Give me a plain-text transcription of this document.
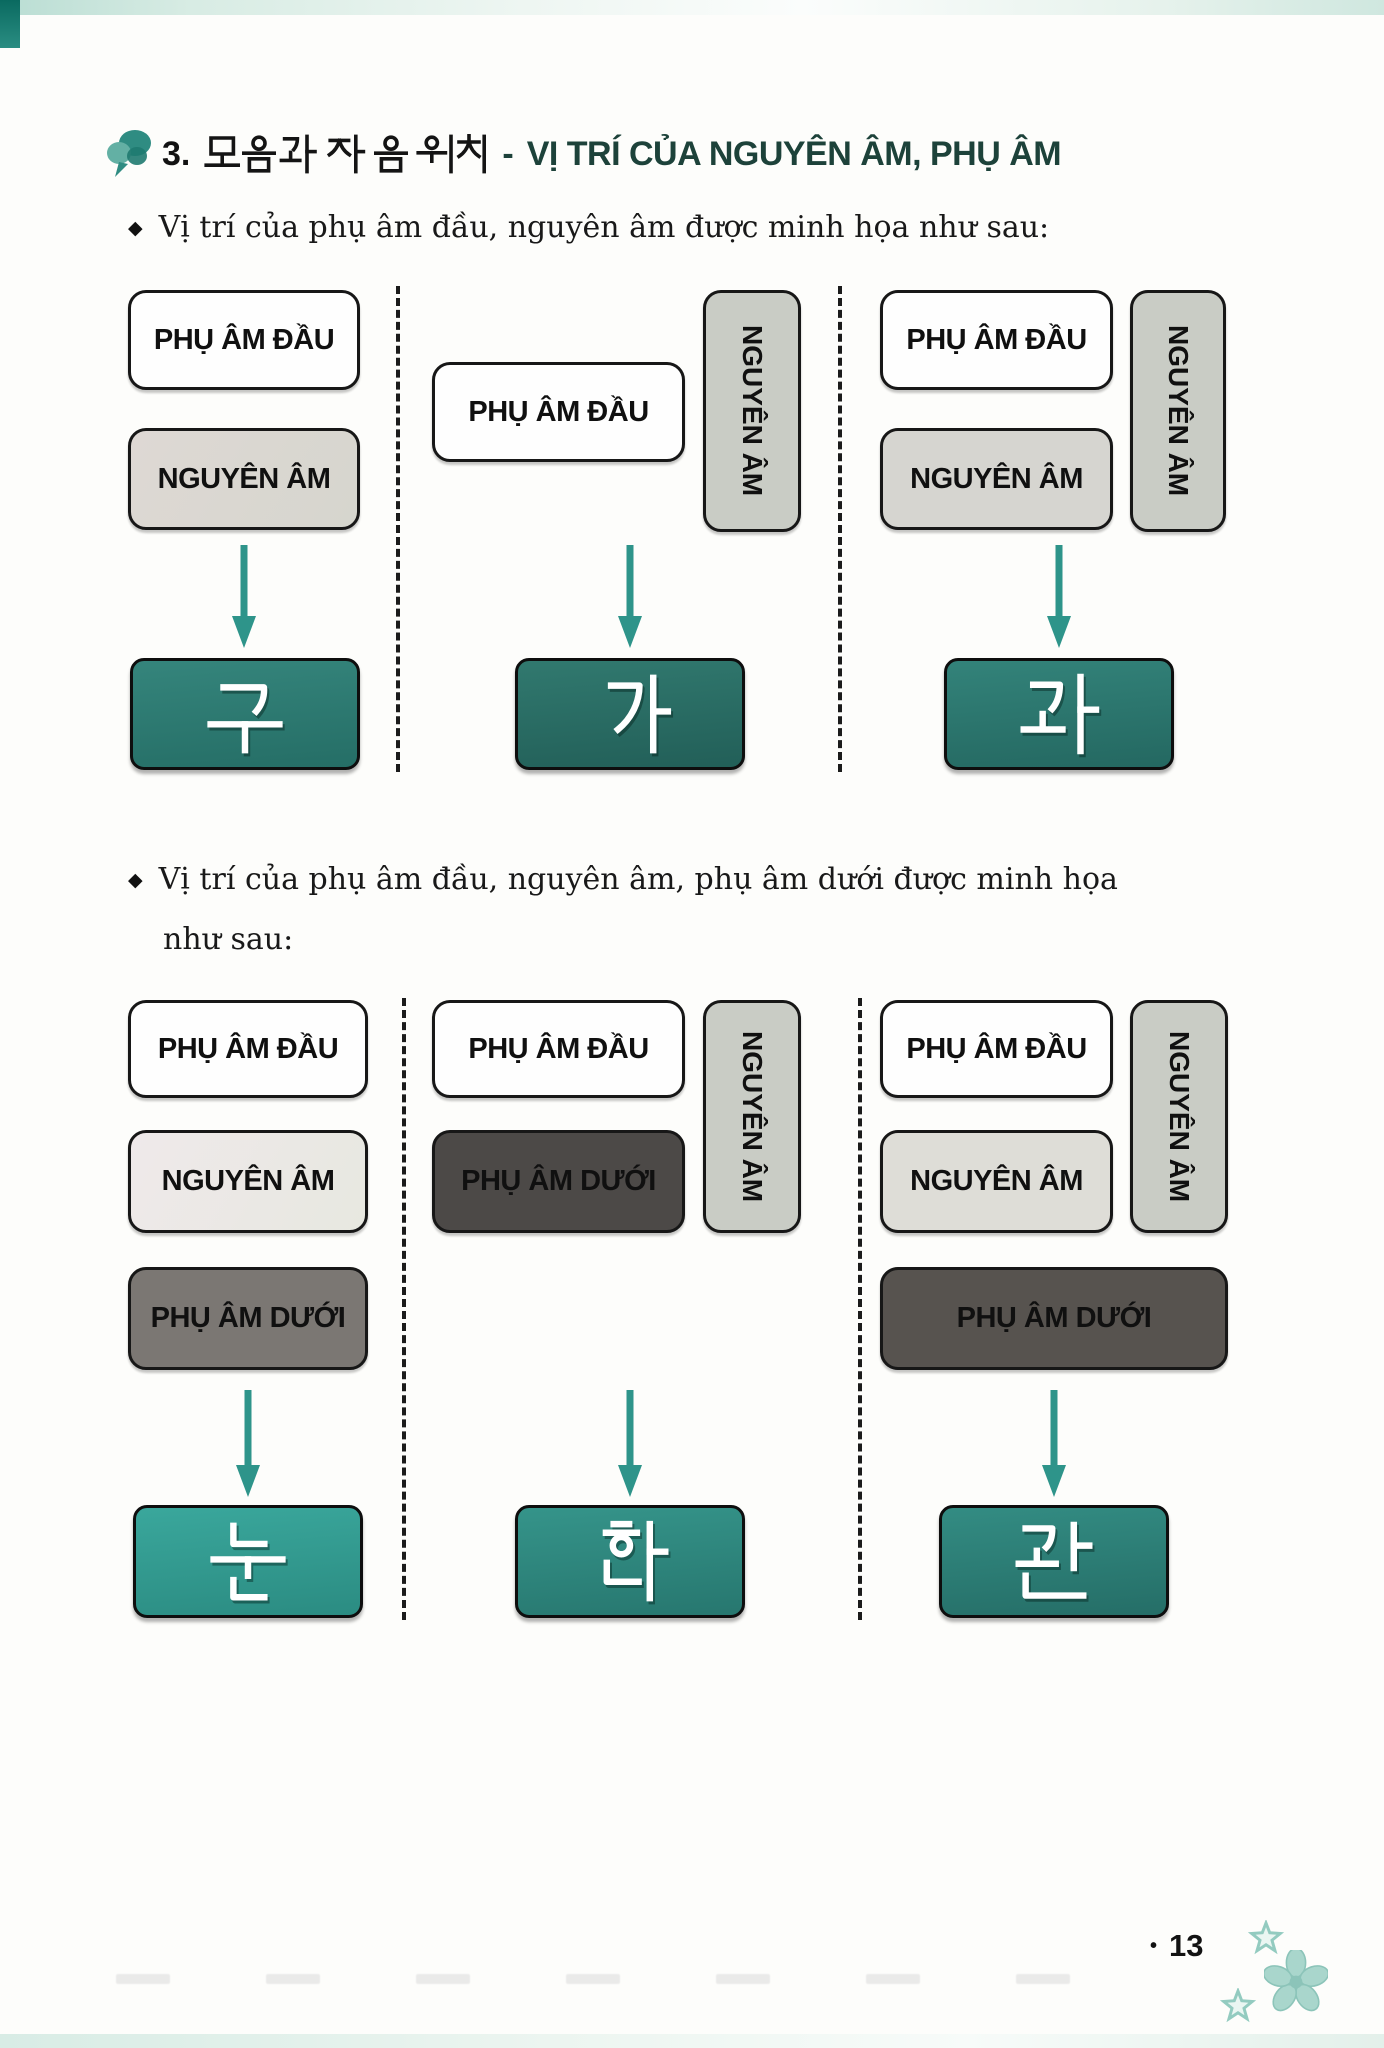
3.	- VỊ TRÍ CỦA NGUYÊN ÂM, PHỤ ÂM
◆ Vị trí của phụ âm đầu, nguyên âm được minh họa như sau:
PHỤ ÂM ĐẦU
NGUYÊN ÂM
PHỤ ÂM ĐẦU	NGUYÊN ÂM	PHỤ ÂM ĐẦU
NGUYÊN ÂM	NGUYÊN ÂM
◆ Vị trí của phụ âm đầu, nguyên âm, phụ âm dưới được minh họa
như sau:
PHỤ ÂM ĐẦU
NGUYÊN ÂM
PHỤ ÂM DƯỚI
PHỤ ÂM ĐẦU
PHỤ ÂM DƯỚI	NGUYÊN ÂM	PHỤ ÂM ĐẦU
NGUYÊN ÂM	NGUYÊN ÂM
PHỤ ÂM DƯỚI
• 13
